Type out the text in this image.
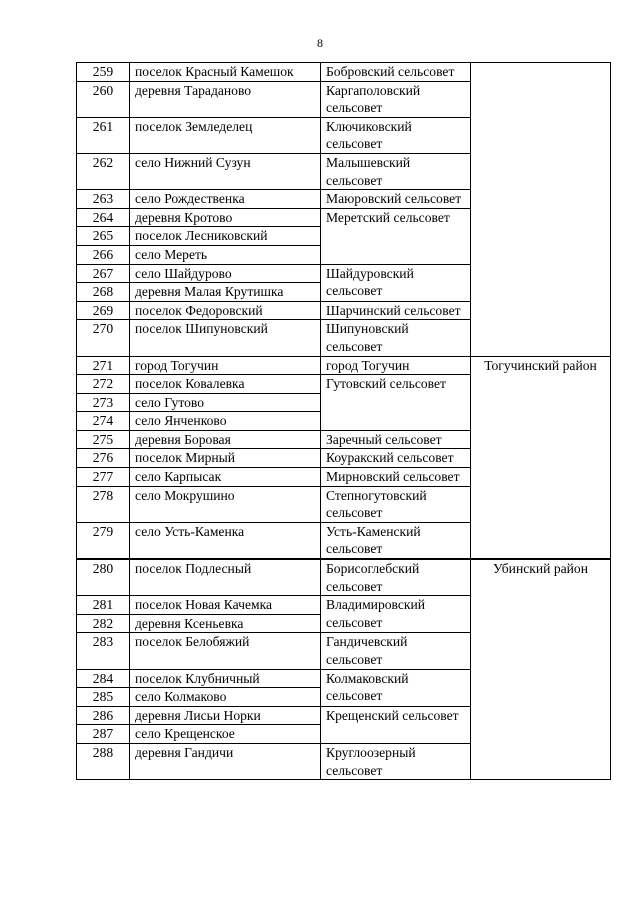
8
259	поселок Красный Камешок	Бобровский сельсовет	
260	деревня Тараданово	Каргаполовский сельсовет	
261	поселок Земледелец	Ключиковский сельсовет	
262	село Нижний Сузун	Малышевский сельсовет	
263	село Рождественка	Маюровский сельсовет	
264	деревня Кротово	Меретский сельсовет	
265	поселок Лесниковский		
266	село Мереть		
267	село Шайдурово	Шайдуровский сельсовет	
268	деревня Малая Крутишка		
269	поселок Федоровский	Шарчинский сельсовет	
270	поселок Шипуновский	Шипуновский сельсовет	
271	город Тогучин	город Тогучин	Тогучинский район
272	поселок Ковалевка	Гутовский сельсовет	
273	село Гутово		
274	село Янченково		
275	деревня Боровая	Заречный сельсовет	
276	поселок Мирный	Коуракский сельсовет	
277	село Карпысак	Мирновский сельсовет	
278	село Мокрушино	Степногутовский сельсовет	
279	село Усть-Каменка	Усть-Каменский сельсовет	
280	поселок Подлесный	Борисоглебский сельсовет	Убинский район
281	поселок Новая Качемка	Владимировский сельсовет	
282	деревня Ксеньевка		
283	поселок Белобяжий	Гандичевский сельсовет	
284	поселок Клубничный	Колмаковский сельсовет	
285	село Колмаково		
286	деревня Лисьи Норки	Крещенский сельсовет	
287	село Крещенское		
288	деревня Гандичи	Круглоозерный сельсовет	
